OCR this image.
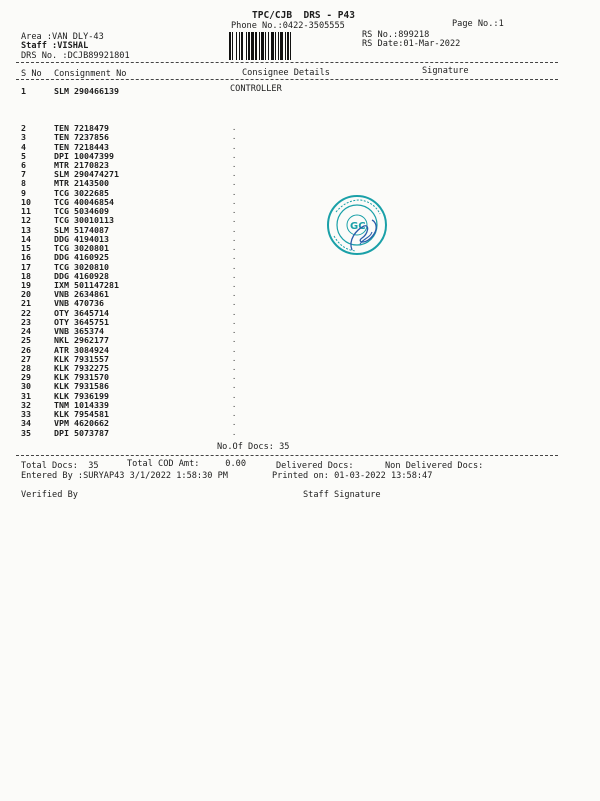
TPC/CJB  DRS - P43
Phone No.:0422-3505555	Page No.:1
Area :VAN DLY-43
Staff :VISHAL
DRS No. :DCJB89921801
RS No.:899218
RS Date:01-Mar-2022
S No Consignment No	Consignee Details	Signature
1	SLM 290466139	CONTROLLER
2	TEN 7218479	.
3	TEN 7237856	.
4	TEN 7218443	.
5	DPI 10047399	.
6	MTR 2170823	.
7	SLM 290474271	.
8	MTR 2143500	.
9	TCG 3022685	.
10	TCG 40046854	.
11	TCG 5034609	.
12	TCG 30010113	.
13	SLM 5174087	.
14	DDG 4194013	.
15	TCG 3020801	.
16	DDG 4160925	.
17	TCG 3020810	.
18	DDG 4160928	.
19	IXM 501147281	.
20	VNB 2634861	.
21	VNB 470736	.
22	OTY 3645714	.
23	OTY 3645751	.
24	VNB 365374	.
25	NKL 2962177	.
26	ATR 3084924	.
27	KLK 7931557	.
28	KLK 7932275	.
29	KLK 7931570	.
30	KLK 7931586	.
31	KLK 7936199	.
32	TNM 1014339	.
33	KLK 7954581	.
34	VPM 4620662	.
35	DPI 5073787	.
No.Of Docs: 35
GC
Total Docs:  35	Total COD Amt:     0.00	Delivered Docs:	Non Delivered Docs:
Entered By :SURYAP43 3/1/2022 1:58:30 PM	Printed on: 01-03-2022 13:58:47
Verified By	Staff Signature
